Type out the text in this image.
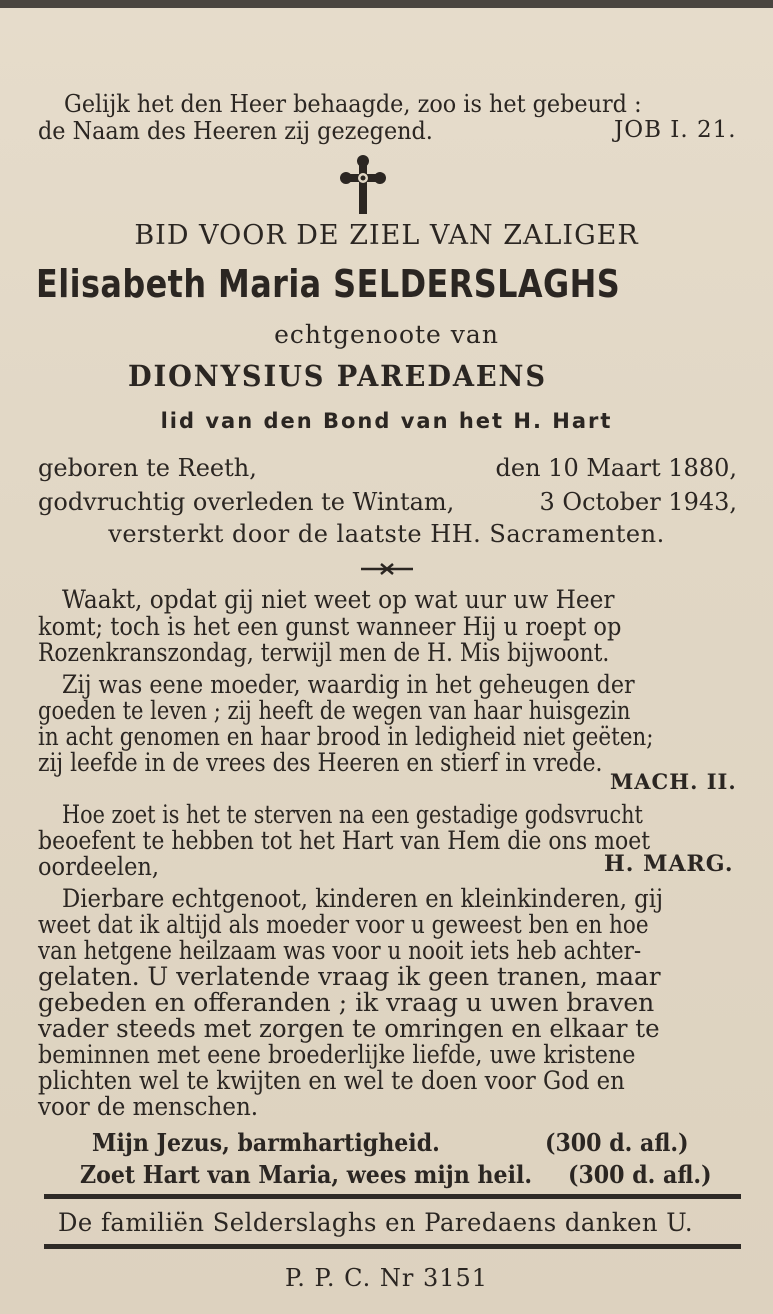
Gelijk het den Heer behaagde, zoo is het gebeurd :
de Naam des Heeren zij gezegend.	JOB I. 21.
BID VOOR DE ZIEL VAN ZALIGER
Elisabeth Maria SELDERSLAGHS
echtgenoote van
DIONYSIUS PAREDAENS
lid van den Bond van het H. Hart
geboren te Reeth,	den 10 Maart 1880,
godvruchtig overleden te Wintam,	3 October 1943,
versterkt door de laatste HH. Sacramenten.
Waakt, opdat gij niet weet op wat uur uw Heer
komt; toch is het een gunst wanneer Hij u roept op
Rozenkranszondag, terwijl men de H. Mis bijwoont.
Zij was eene moeder, waardig in het geheugen der
goeden te leven ; zij heeft de wegen van haar huisgezin
in acht genomen en haar brood in ledigheid niet geëten;
zij leefde in de vrees des Heeren en stierf in vrede.
MACH. II.
Hoe zoet is het te sterven na een gestadige godsvrucht
beoefent te hebben tot het Hart van Hem die ons moet
oordeelen,	H. MARG.
Dierbare echtgenoot, kinderen en kleinkinderen, gij
weet dat ik altijd als moeder voor u geweest ben en hoe
van hetgene heilzaam was voor u nooit iets heb achter-
gelaten. U verlatende vraag ik geen tranen, maar
gebeden en offeranden ; ik vraag u uwen braven
vader steeds met zorgen te omringen en elkaar te
beminnen met eene broederlijke liefde, uwe kristene
plichten wel te kwijten en wel te doen voor God en
voor de menschen.
Mijn Jezus, barmhartigheid.	(300 d. afl.)
Zoet Hart van Maria, wees mijn heil.	(300 d. afl.)
De familiën Selderslaghs en Paredaens danken U.
P. P. C. Nr 3151
